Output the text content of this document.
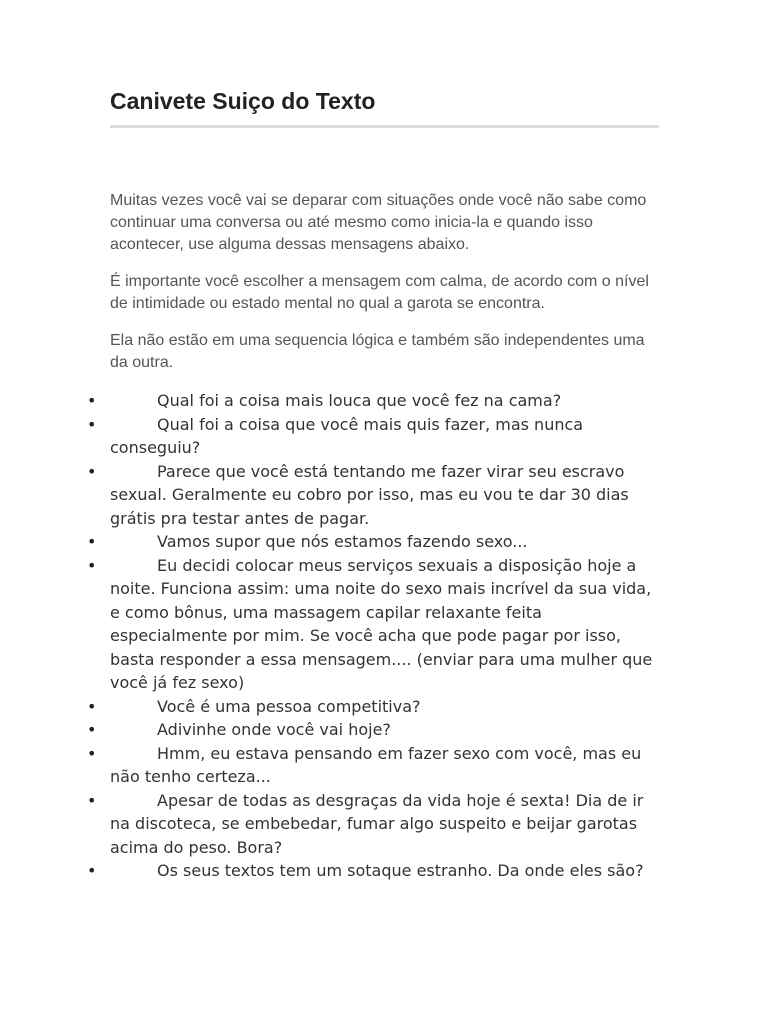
Canivete Suiço do Texto

Muitas vezes você vai se deparar com situações onde você não sabe como continuar uma conversa ou até mesmo como inicia-la e quando isso acontecer, use alguma dessas mensagens abaixo.

É importante você escolher a mensagem com calma, de acordo com o nível de intimidade ou estado mental no qual a garota se encontra.

Ela não estão em uma sequencia lógica e também são independentes uma da outra.

•	Qual foi a coisa mais louca que você fez na cama?
•	Qual foi a coisa que você mais quis fazer, mas nunca conseguiu?
•	Parece que você está tentando me fazer virar seu escravo sexual. Geralmente eu cobro por isso, mas eu vou te dar 30 dias grátis pra testar antes de pagar.
•	Vamos supor que nós estamos fazendo sexo...
•	Eu decidi colocar meus serviços sexuais a disposição hoje a noite. Funciona assim: uma noite do sexo mais incrível da sua vida, e como bônus, uma massagem capilar relaxante feita especialmente por mim. Se você acha que pode pagar por isso, basta responder a essa mensagem.... (enviar para uma mulher que você já fez sexo)
•	Você é uma pessoa competitiva?
•	Adivinhe onde você vai hoje?
•	Hmm, eu estava pensando em fazer sexo com você, mas eu não tenho certeza...
•	Apesar de todas as desgraças da vida hoje é sexta! Dia de ir na discoteca, se embebedar, fumar algo suspeito e beijar garotas acima do peso. Bora?
•	Os seus textos tem um sotaque estranho. Da onde eles são?
